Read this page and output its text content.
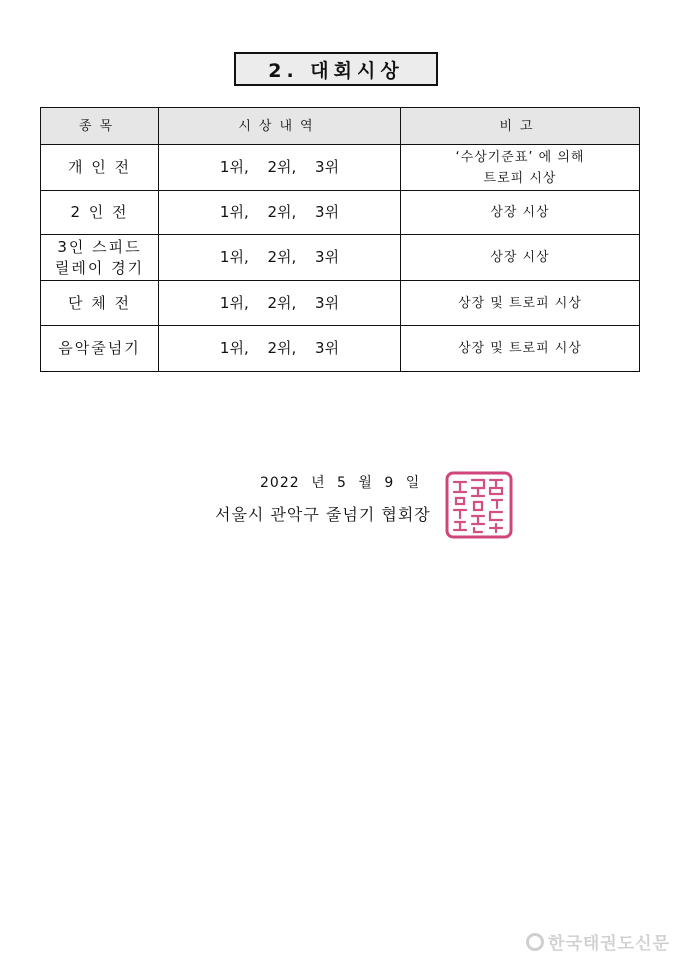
2. 대회시상
종목	시상내역	비고
개 인 전	1위, 2위, 3위	‘수상기준표’ 에 의해
트로피 시상

2 인 전	1위, 2위, 3위	상장 시상

3인 스피드
릴레이 경기	1위, 2위, 3위	상장 시상

단 체 전	1위, 2위, 3위	상장 및 트로피 시상

음악줄넘기	1위, 2위, 3위	상장 및 트로피 시상
2022 년 5 월 9 일
서울시 관악구 줄넘기 협회장
한국태권도신문
